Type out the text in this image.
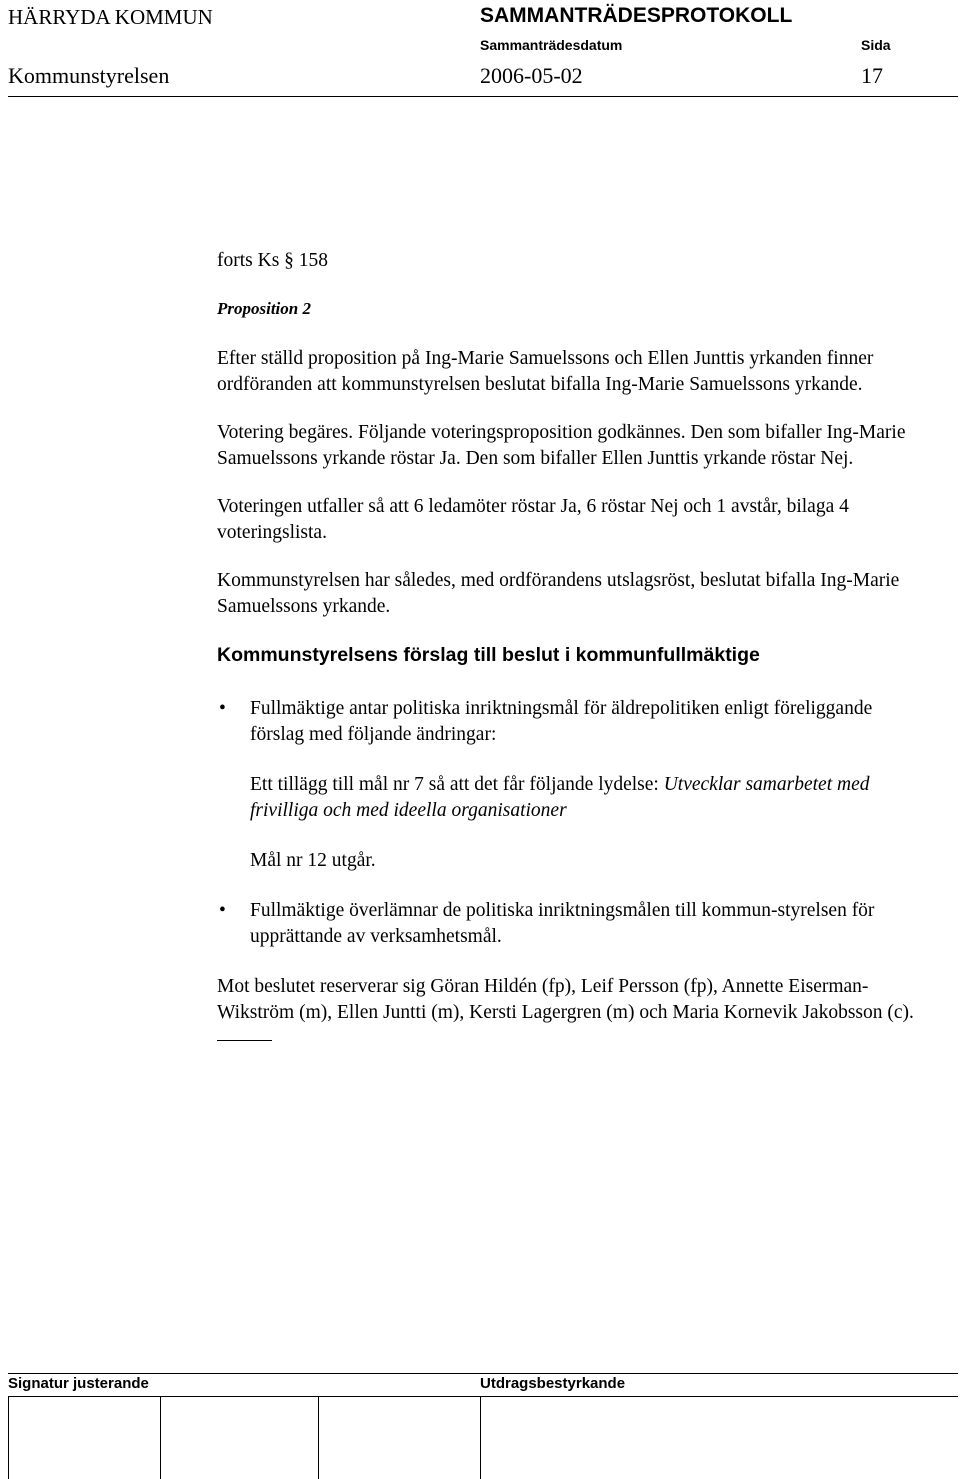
HÄRRYDA KOMMUN	SAMMANTRÄDESPROTOKOLL
Sammanträdesdatum	Sida
Kommunstyrelsen	2006-05-02	17

forts Ks § 158

Proposition 2

Efter ställd proposition på Ing-Marie Samuelssons och Ellen Junttis yrkanden finner ordföranden att kommunstyrelsen beslutat bifalla Ing-Marie Samuelssons yrkande.

Votering begäres. Följande voteringsproposition godkännes. Den som bifaller Ing-Marie Samuelssons yrkande röstar Ja. Den som bifaller Ellen Junttis yrkande röstar Nej.

Voteringen utfaller så att 6 ledamöter röstar Ja, 6 röstar Nej och 1 avstår, bilaga 4 voteringslista.

Kommunstyrelsen har således, med ordförandens utslagsröst, beslutat bifalla Ing-Marie Samuelssons yrkande.

Kommunstyrelsens förslag till beslut i kommunfullmäktige

• Fullmäktige antar politiska inriktningsmål för äldrepolitiken enligt föreliggande förslag med följande ändringar:

Ett tillägg till mål nr 7 så att det får följande lydelse: Utvecklar samarbetet med frivilliga och med ideella organisationer

Mål nr 12 utgår.

• Fullmäktige överlämnar de politiska inriktningsmålen till kommun-styrelsen för upprättande av verksamhetsmål.

Mot beslutet reserverar sig Göran Hildén (fp), Leif Persson (fp), Annette Eiserman-Wikström (m), Ellen Juntti (m), Kersti Lagergren (m) och Maria Kornevik Jakobsson (c).

Signatur justerande	Utdragsbestyrkande
